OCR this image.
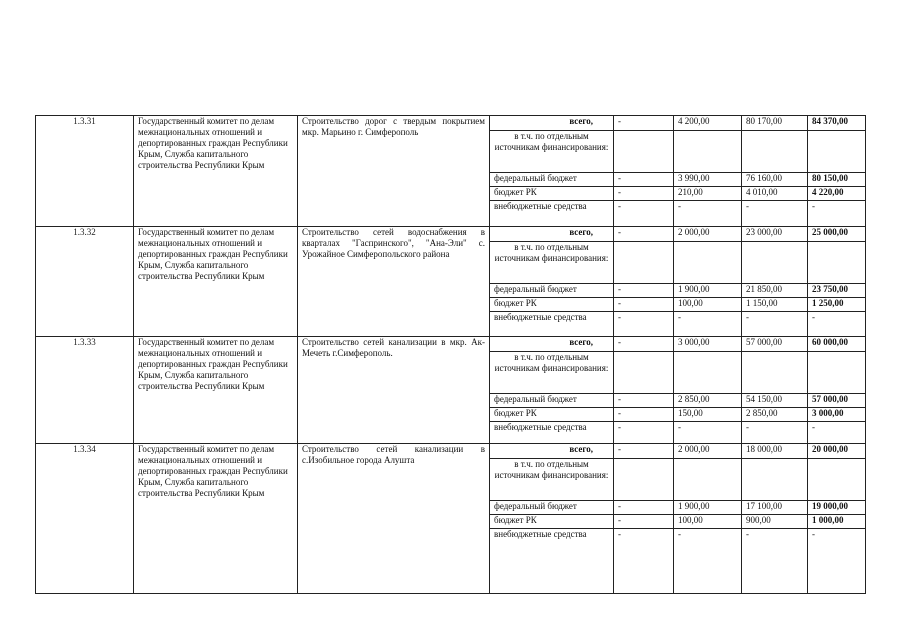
1.3.31	Государственный комитет по делам межнациональных отношений и депортированных граждан Республики Крым, Служба капитального строительства Республики Крым	Строительство дорог с твердым покрытием мкр. Марьино г. Симферополь	всего,	-	4 200,00	80 170,00	84 370,00
			в т.ч. по отдельным источникам финансирования:				
			федеральный бюджет	-	3 990,00	76 160,00	80 150,00
			бюджет РК	-	210,00	4 010,00	4 220,00
			внебюджетные средства	-	-	-	-
1.3.32	Государственный комитет по делам межнациональных отношений и депортированных граждан Республики Крым, Служба капитального строительства Республики Крым	Строительство сетей водоснабжения в кварталах "Гаспринского", "Ана-Эли" с. Урожайное Симферопольского района	всего,	-	2 000,00	23 000,00	25 000,00
			в т.ч. по отдельным источникам финансирования:				
			федеральный бюджет	-	1 900,00	21 850,00	23 750,00
			бюджет РК	-	100,00	1 150,00	1 250,00
			внебюджетные средства	-	-	-	-
1.3.33	Государственный комитет по делам межнациональных отношений и депортированных граждан Республики Крым, Служба капитального строительства Республики Крым	Строительство сетей канализации в мкр. Ак-Мечеть г.Симферополь.	всего,	-	3 000,00	57 000,00	60 000,00
			в т.ч. по отдельным источникам финансирования:				
			федеральный бюджет	-	2 850,00	54 150,00	57 000,00
			бюджет РК	-	150,00	2 850,00	3 000,00
			внебюджетные средства	-	-	-	-
1.3.34	Государственный комитет по делам межнациональных отношений и депортированных граждан Республики Крым, Служба капитального строительства Республики Крым	Строительство сетей канализации в с.Изобильное города Алушта	всего,	-	2 000,00	18 000,00	20 000,00
			в т.ч. по отдельным источникам финансирования:				
			федеральный бюджет	-	1 900,00	17 100,00	19 000,00
			бюджет РК	-	100,00	900,00	1 000,00
			внебюджетные средства	-	-	-	-
